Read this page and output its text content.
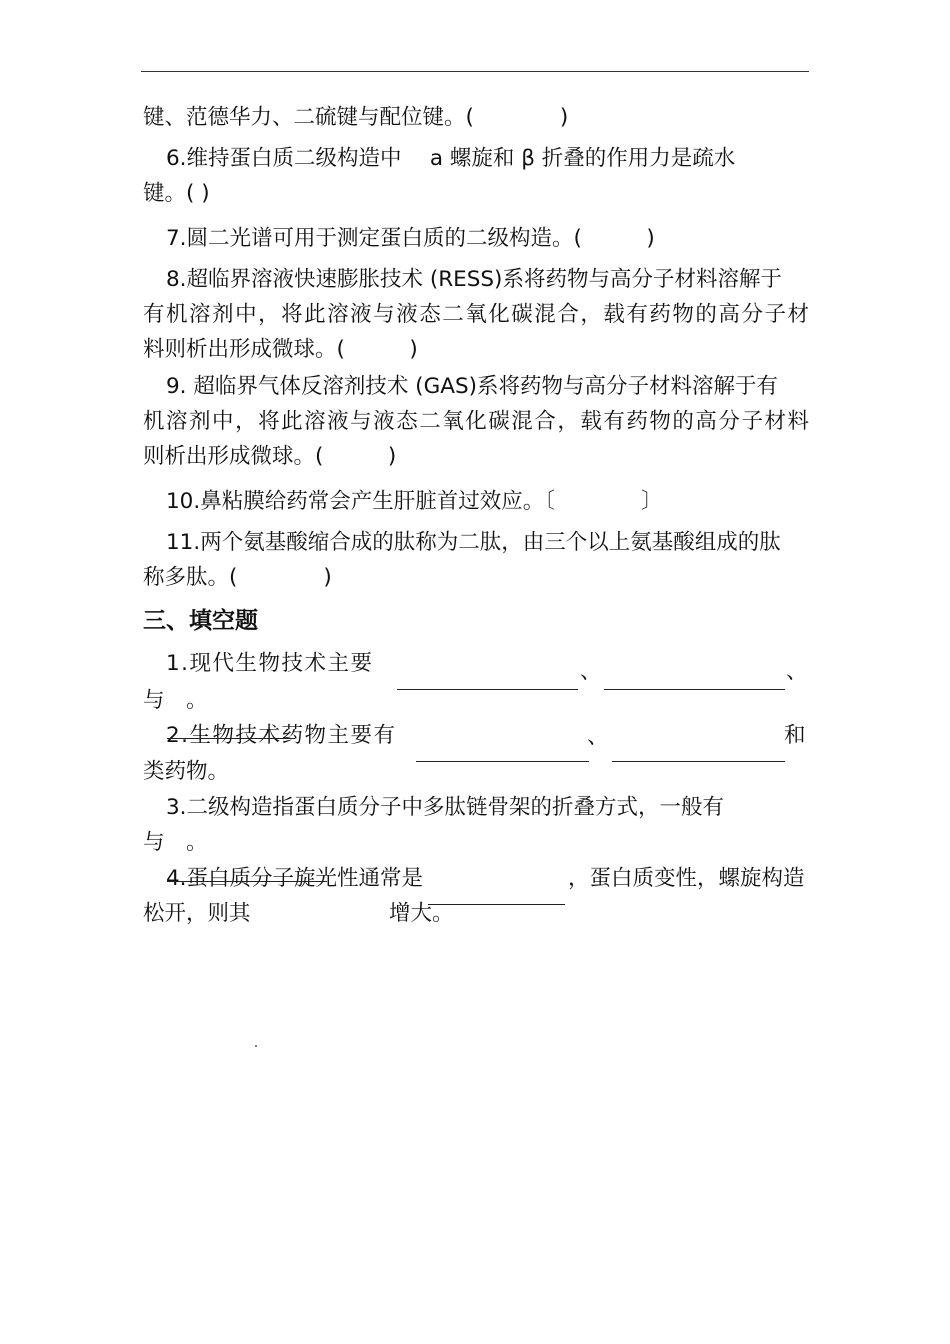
键、范德华力、二硫键与配位键。(　　　　)
6.维持蛋白质二级构造中　 a 螺旋和 β 折叠的作用力是疏水
键。( )
7.圆二光谱可用于测定蛋白质的二级构造。(　　　)
8.超临界溶液快速膨胀技术 (RESS)系将药物与高分子材料溶解于
有机溶剂中，将此溶液与液态二氧化碳混合，载有药物的高分子材
料则析出形成微球。(　　　)
9. 超临界气体反溶剂技术 (GAS)系将药物与高分子材料溶解于有
机溶剂中，将此溶液与液态二氧化碳混合，载有药物的高分子材料
则析出形成微球。(　　　)
10.鼻粘膜给药常会产生肝脏首过效应。〔　　　　〕
11.两个氨基酸缩合成的肽称为二肽，由三个以上氨基酸组成的肽
称多肽。(　　　　)
三、填空题
1.现代生物技术主要	、	、
与　。
2.生物技术药物主要有	、	和
类药物。
3.二级构造指蛋白质分子中多肽链骨架的折叠方式，一般有
与　。
4.蛋白质分子旋光性通常是	，蛋白质变性，螺旋构造
松开，则其	增大。
